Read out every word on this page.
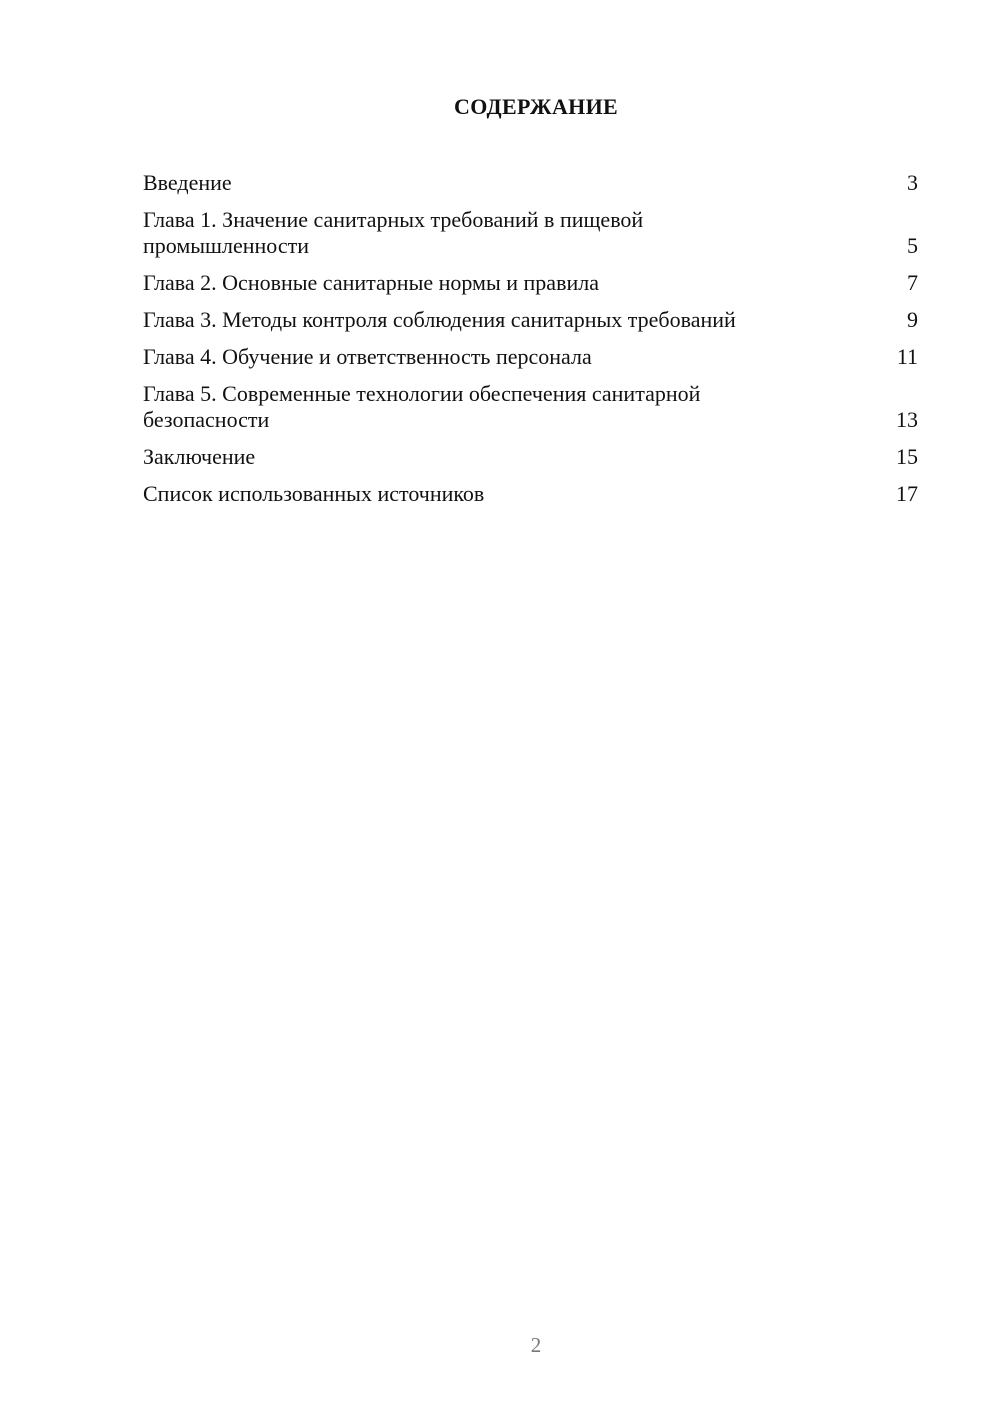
СОДЕРЖАНИЕ
Введение	3
Глава 1. Значение санитарных требований в пищевой
промышленности	5
Глава 2. Основные санитарные нормы и правила	7
Глава 3. Методы контроля соблюдения санитарных требований	9
Глава 4. Обучение и ответственность персонала	11
Глава 5. Современные технологии обеспечения санитарной
безопасности	13
Заключение	15
Список использованных источников	17
2
